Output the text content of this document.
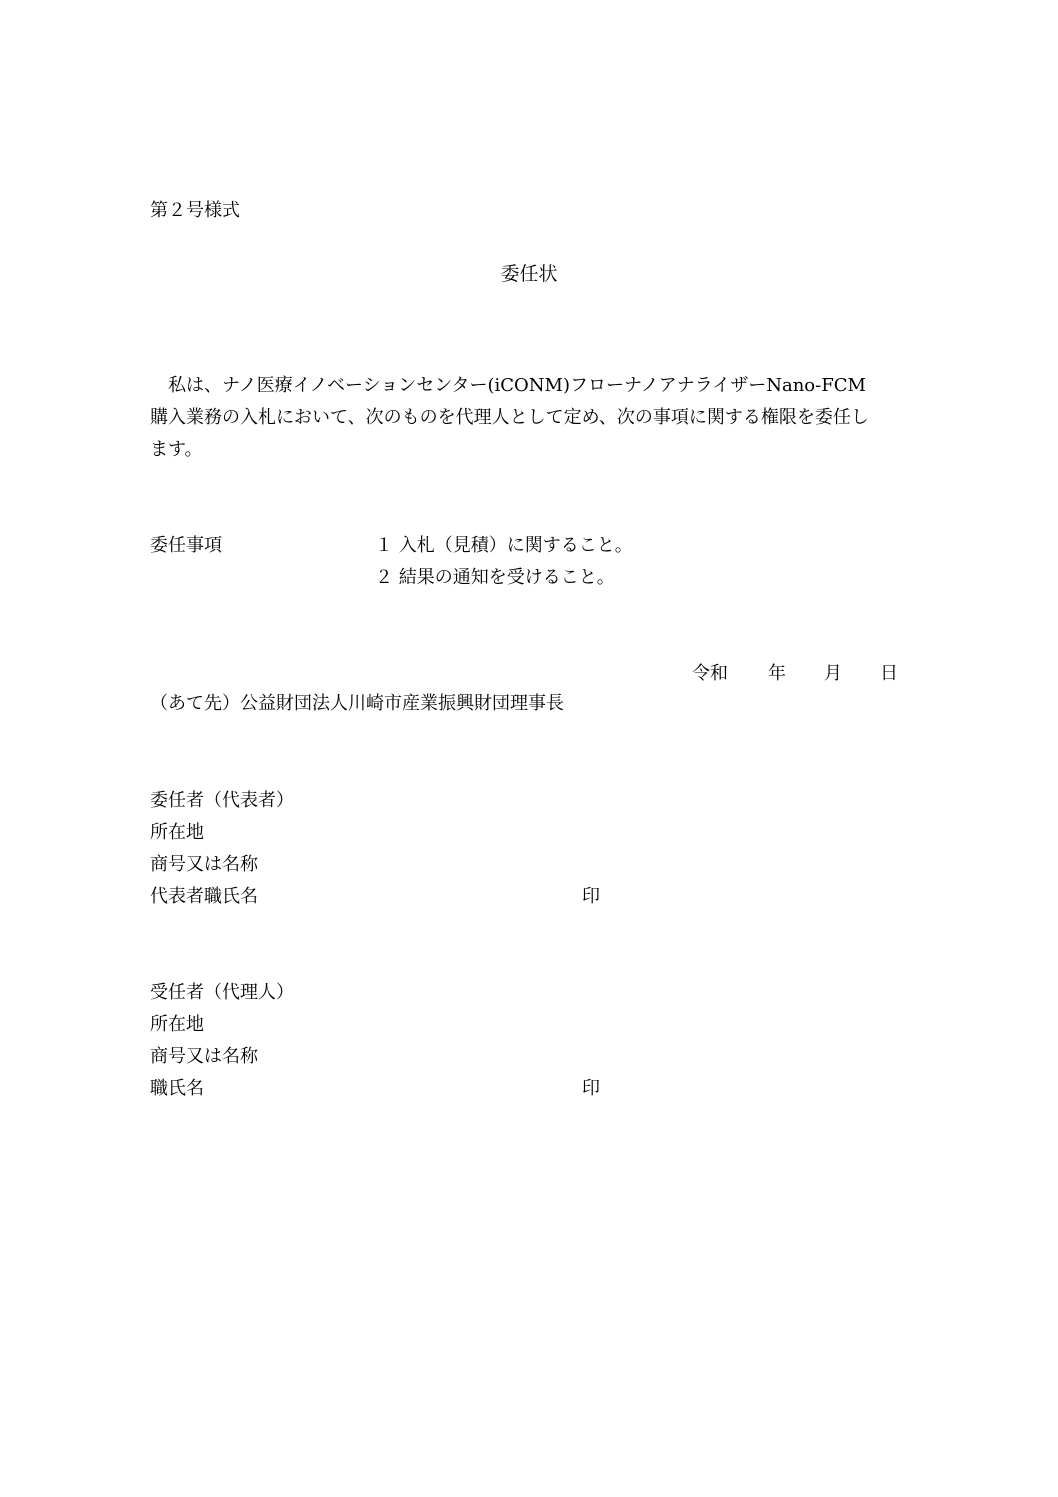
第２号様式
委任状
私は、ナノ医療イノベーションセンター(iCONM)フローナノアナライザーNano-FCM
購入業務の入札において、次のものを代理人として定め、次の事項に関する権限を委任し
ます。
委任事項	１ 入札（見積）に関すること。
２ 結果の通知を受けること。
令和 年 月 日
（あて先）公益財団法人川崎市産業振興財団理事長
委任者（代表者）
所在地
商号又は名称
代表者職氏名	印
受任者（代理人）
所在地
商号又は名称
職氏名	印
